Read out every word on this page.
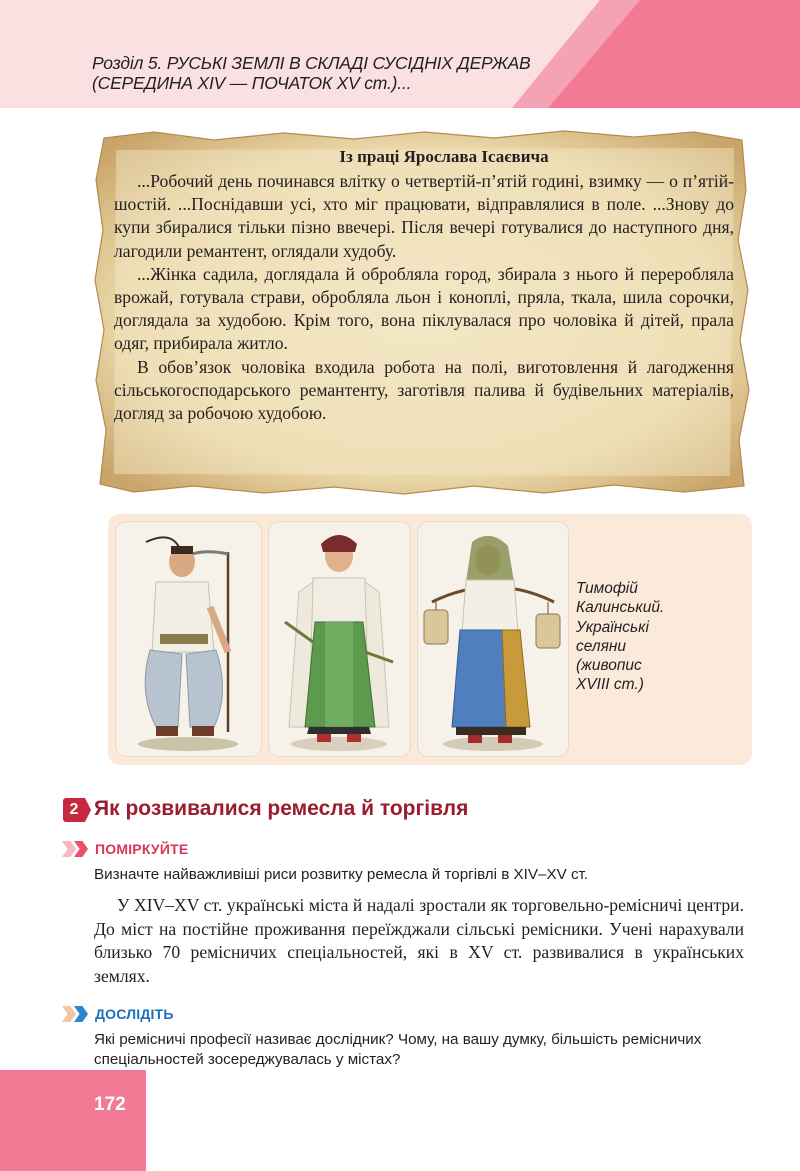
Розділ 5. РУСЬКІ ЗЕМЛІ В СКЛАДІ СУСІДНІХ ДЕРЖАВ
(СЕРЕДИНА XIV — ПОЧАТОК XV ст.)...
Із праці Ярослава Ісаєвича

...Робочий день починався влітку о четвертій-п’ятій годині, взимку — о п’ятій-шостій. ...Поснідавши усі, хто міг працювати, відправлялися в поле. ...Знову до купи збиралися тільки пізно ввечері. Після вечері готувалися до наступного дня, лагодили ремантент, оглядали худобу.

...Жінка садила, доглядала й обробляла город, збирала з нього й переробляла врожай, готувала страви, обробляла льон і коноплі, пряла, ткала, шила сорочки, доглядала за худобою. Крім того, вона піклувалася про чоловіка й дітей, прала одяг, прибирала житло.

В обов’язок чоловіка входила робота на полі, виготовлення й лагодження сільськогосподарського ремантенту, заготівля палива й будівельних матеріалів, догляд за робочою худобою.

Тимофій
Калинський.
Українські
селяни
(живопис
XVIII ст.)
2 Як розвивалися ремесла й торгівля
ПОМІРКУЙТЕ
Визначте найважливіші риси розвитку ремесла й торгівлі в XIV–XV ст.

У XIV–XV ст. українські міста й надалі зростали як торговельно-ремісничі центри. До міст на постійне проживання переїжджали сільські ремісники. Учені нарахували близько 70 ремісничих спеціальностей, які в XV ст. развивалися в українських землях.

ДОСЛІДІТЬ
Які ремісничі професії називає дослідник? Чому, на вашу думку, більшість ремісничих спеціальностей зосереджувалась у містах?
172
